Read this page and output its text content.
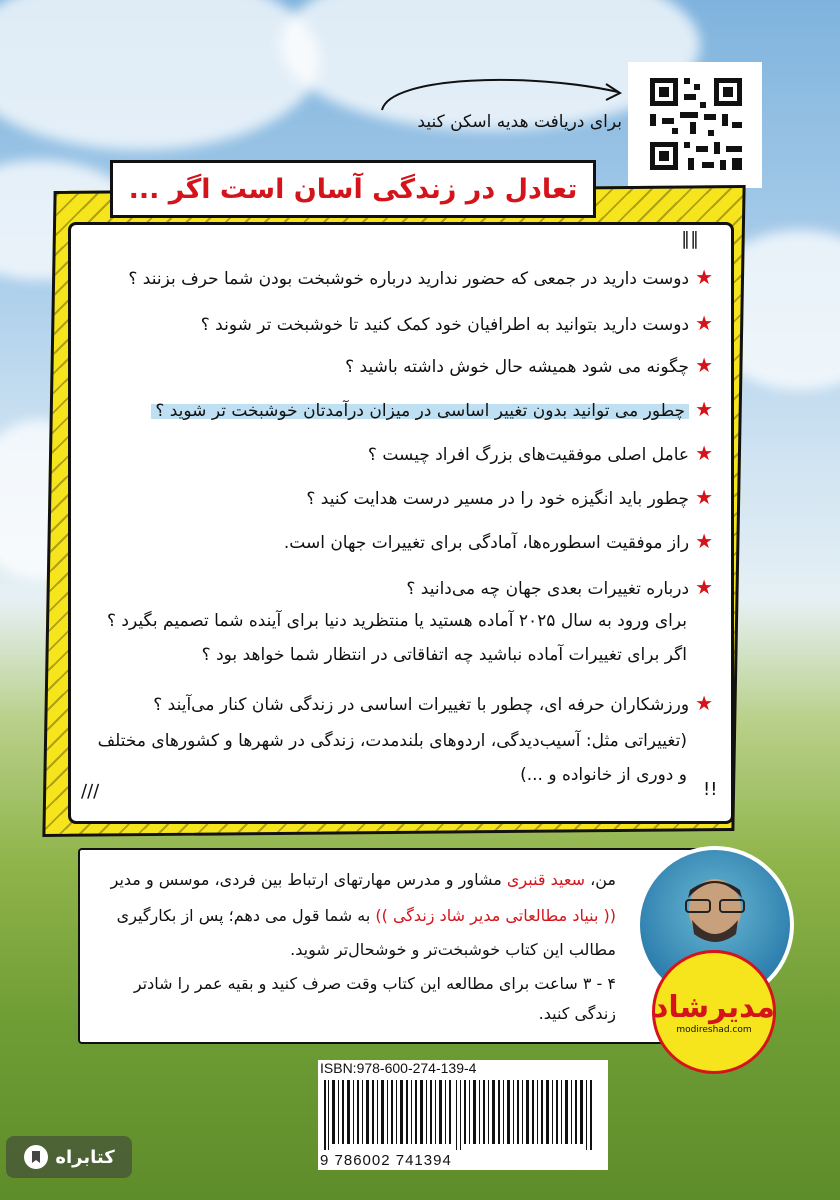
برای دریافت هدیه اسکن کنید
تعادل در زندگی آسان است اگر ...
∥∥
∕∕∕	!!
★دوست دارید در جمعی که حضور ندارید درباره خوشبخت بودن شما حرف بزنند ؟
★دوست دارید بتوانید به اطرافیان خود کمک کنید تا خوشبخت تر شوند ؟
★چگونه می شود همیشه حال خوش داشته باشید ؟
★چطور می توانید بدون تغییر اساسی در میزان درآمدتان خوشبخت تر شوید ؟
★عامل اصلی موفقیت‌های بزرگ افراد چیست ؟
★چطور باید انگیزه خود را در مسیر درست هدایت کنید ؟
★راز موفقیت اسطوره‌ها، آمادگی برای تغییرات جهان است.
★درباره تغییرات بعدی جهان چه می‌دانید ؟
برای ورود به سال ۲۰۲۵ آماده هستید یا منتظرید دنیا برای آینده شما تصمیم بگیرد ؟
اگر برای تغییرات آماده نباشید چه اتفاقاتی در انتظار شما خواهد بود ؟
★ورزشکاران حرفه ای، چطور با تغییرات اساسی در زندگی شان کنار می‌آیند ؟
(تغییراتی مثل: آسیب‌دیدگی، اردوهای بلندمدت، زندگی در شهرها و کشورهای مختلف
و دوری از خانواده و ...)
من، سعید قنبری مشاور و مدرس مهارتهای ارتباط بین فردی، موسس و مدیر
(( بنیاد مطالعاتی مدیر شاد زندگی )) به شما قول می دهم؛ پس از بکارگیری
مطالب این کتاب خوشبخت‌تر و خوشحال‌تر شوید.
۴ - ۳ ساعت برای مطالعه این کتاب وقت صرف کنید و بقیه عمر را شادتر
زندگی کنید. مدیرشاد
modireshad.com
ISBN:978-600-274-139-4
9 786002 741394
کتابراه
